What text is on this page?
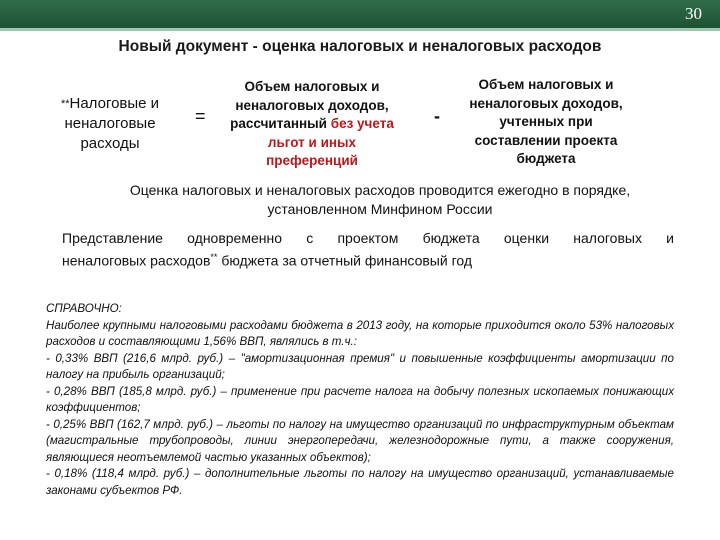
30
Новый документ - оценка налоговых и неналоговых расходов
**Налоговые и
неналоговые
расходы
=
Объем налоговых и
неналоговых доходов,
рассчитанный без учета
льгот и иных
преференций
-
Объем налоговых и
неналоговых доходов,
учтенных при
составлении проекта
бюджета
Оценка налоговых и неналоговых расходов проводится ежегодно в порядке,
установленном Минфином России
Представление одновременно с проектом бюджета оценки налоговых и
неналоговых расходов** бюджета за отчетный финансовый год

СПРАВОЧНО:

Наиболее крупными налоговыми расходами бюджета в 2013 году, на которые приходится около 53% налоговых расходов и составляющими 1,56% ВВП, являлись в т.ч.:

- 0,33% ВВП (216,6 млрд. руб.) – "амортизационная премия" и повышенные коэффициенты амортизации по налогу на прибыль организаций;

- 0,28% ВВП (185,8 млрд. руб.) – применение при расчете налога на добычу полезных ископаемых понижающих коэффициентов;

- 0,25% ВВП (162,7 млрд. руб.) – льготы по налогу на имущество организаций по инфраструктурным объектам (магистральные трубопроводы, линии энергопередачи, железнодорожные пути, а также сооружения, являющиеся неотъемлемой частью указанных объектов);

- 0,18% (118,4 млрд. руб.) – дополнительные льготы по налогу на имущество организаций, устанавливаемые законами субъектов РФ.
